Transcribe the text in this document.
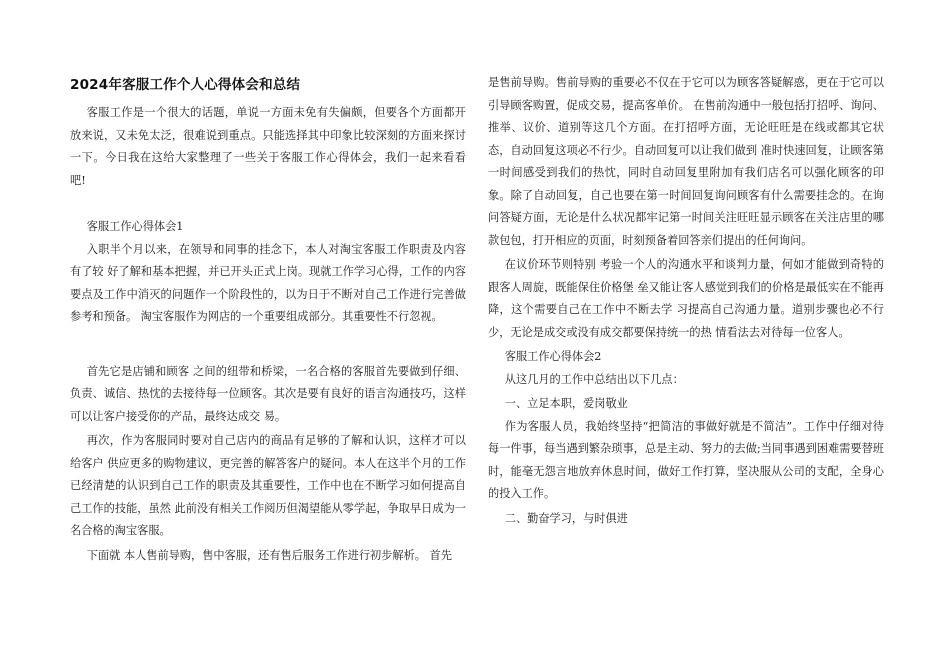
2024年客服工作个人心得体会和总结

客服工作是一个很大的话题，单说一方面未免有失偏颇，但要各个方面都开放来说，又未免太泛，很难说到重点。只能选择其中印象比较深刻的方面来探讨一下。今日我在这给大家整理了一些关于客服工作心得体会，我们一起来看看吧!

客服工作心得体会1

入职半个月以来，在领导和同事的挂念下，本人对淘宝客服工作职责及内容有了较 好了解和基本把握，并已开头正式上岗。现就工作学习心得，工作的内容要点及工作中消灭的问题作一个阶段性的，以为日于不断对自己工作进行完善做参考和预备。 淘宝客服作为网店的一个重要组成部分。其重要性不行忽视。

首先它是店铺和顾客 之间的纽带和桥梁，一名合格的客服首先要做到仔细、负责、诚信、热忱的去接待每一位顾客。其次是要有良好的语言沟通技巧，这样可以让客户接受你的产品，最终达成交 易。

再次，作为客服同时要对自己店内的商品有足够的了解和认识，这样才可以给客户 供应更多的购物建议，更完善的解答客户的疑问。本人在这半个月的工作已经清楚的认识到自己工作的职责及其重要性，工作中也在不断学习如何提高自己工作的技能，虽然 此前没有相关工作阅历但渴望能从零学起，争取早日成为一名合格的淘宝客服。

下面就 本人售前导购，售中客服，还有售后服务工作进行初步解析。 首先

是售前导购。售前导购的重要必不仅在于它可以为顾客答疑解惑，更在于它可以引导顾客购置，促成交易，提高客单价。 在售前沟通中一般包括打招呼、询问、推举、议价、道别等这几个方面。在打招呼方面，无论旺旺是在线或都其它状态，自动回复这项必不行少。自动回复可以让我们做到 准时快速回复，让顾客第一时间感受到我们的热忱，同时自动回复里附加有我们店名可以强化顾客的印象。除了自动回复，自己也要在第一时间回复询问顾客有什么需要挂念的。在询问答疑方面，无论是什么状况都牢记第一时间关注旺旺显示顾客在关注店里的哪款包包，打开相应的页面，时刻预备着回答亲们提出的任何询问。

在议价环节则特别 考验一个人的沟通水平和谈判力量，何如才能做到奇特的跟客人周旋，既能保住价格堡 垒又能让客人感觉到我们的价格是最低实在不能再降，这个需要自己在工作中不断去学 习提高自己沟通力量。道别步骤也必不行少，无论是成交或没有成交都要保持统一的热 情看法去对待每一位客人。

客服工作心得体会2

从这几月的工作中总结出以下几点：

一、立足本职，爱岗敬业

作为客服人员，我始终坚持“把简洁的事做好就是不简洁”。工作中仔细对待每一件事，每当遇到繁杂琐事，总是主动、努力的去做;当同事遇到困难需要替班时，能毫无怨言地放弃休息时间，做好工作打算，坚决服从公司的支配，全身心的投入工作。

二、勤奋学习，与时俱进
